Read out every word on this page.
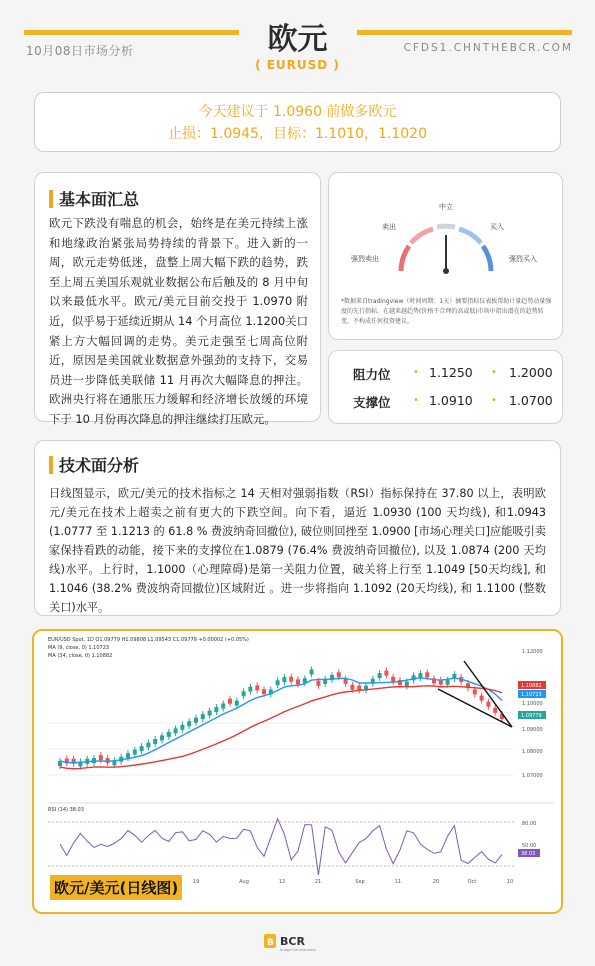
10月08日市场分析	CFDS1.CHNTHEBCR.COM
欧元
( EURUSD )
今天建议于 1.0960 前做多欧元
止损：1.0945，目标：1.1010，1.1020
基本面汇总
欧元下跌没有喘息的机会，始终是在美元持续上涨和地缘政治紧张局势持续的背景下。进入新的一周，欧元走势低迷，盘整上周大幅下跌的趋势，跌至上周五美国乐观就业数据公布后触及的 8 月中旬以来最低水平。欧元/美元目前交投于 1.0970 附近，似乎易于延续近期从 14 个月高位 1.1200关口紧上方大幅回调的走势。美元走强至七周高位附近，原因是美国就业数据意外强劲的支持下，交易员进一步降低美联储 11 月再次大幅降息的押注。欧洲央行将在通胀压力缓解和经济增长放缓的环境下于 10 月份再次降息的押注继续打压欧元。
中立
卖出	买入
强烈卖出	强烈买入
*数据来自tradingview（时间周期：1天）摘要指标仪表板帮助计量趋势动量强度的先行指标。在越来越趋势(价格不合理的高或低)市场中指出潜在的趋势转变，不构成任何投资建议。
阻力位 • 1.1250 • 1.2000
支撑位 • 1.0910 • 1.0700
技术面分析
日线图显示，欧元/美元的技术指标之 14 天相对强弱指数（RSI）指标保持在 37.80 以上，表明欧元/美元在技术上超卖之前有更大的下跌空间。向下看，逼近 1.0930 (100 天均线), 和1.0943 (1.0777 至 1.1213 的 61.8 % 费波纳奇回撤位), 破位则回挫至 1.0900 [市场心理关口]应能吸引卖家保持看跌的动能，接下来的支撑位在1.0879 (76.4% 费波纳奇回撤位), 以及 1.0874 (200 天均线)水平。上行时，1.1000（心理障碍)是第一关阻力位置，破关将上行至 1.1049 [50天均线], 和1.1046 (38.2% 费波纳奇回撤位)区域附近 。进一步将指向 1.1092 (20天均线), 和 1.1100 (整数关口)水平。
EUR/USD Spot, 1D O1.09779 H1.09808 L1.09543 C1.09779 +0.00002 (+0.05%)
MA (9, close, 0) 1.10723
MA (34, close, 0) 1.10882
RSI (14) 38.03
1.12000
1.10000
1.09000
1.08000
1.07000
1.10882
1.10723
1.09779
80.00
50.00
38.03
19	Aug	12	21	Sep	11	20	Oct	10
欧元/美元(日线图)
B BCR
bridge the economic
